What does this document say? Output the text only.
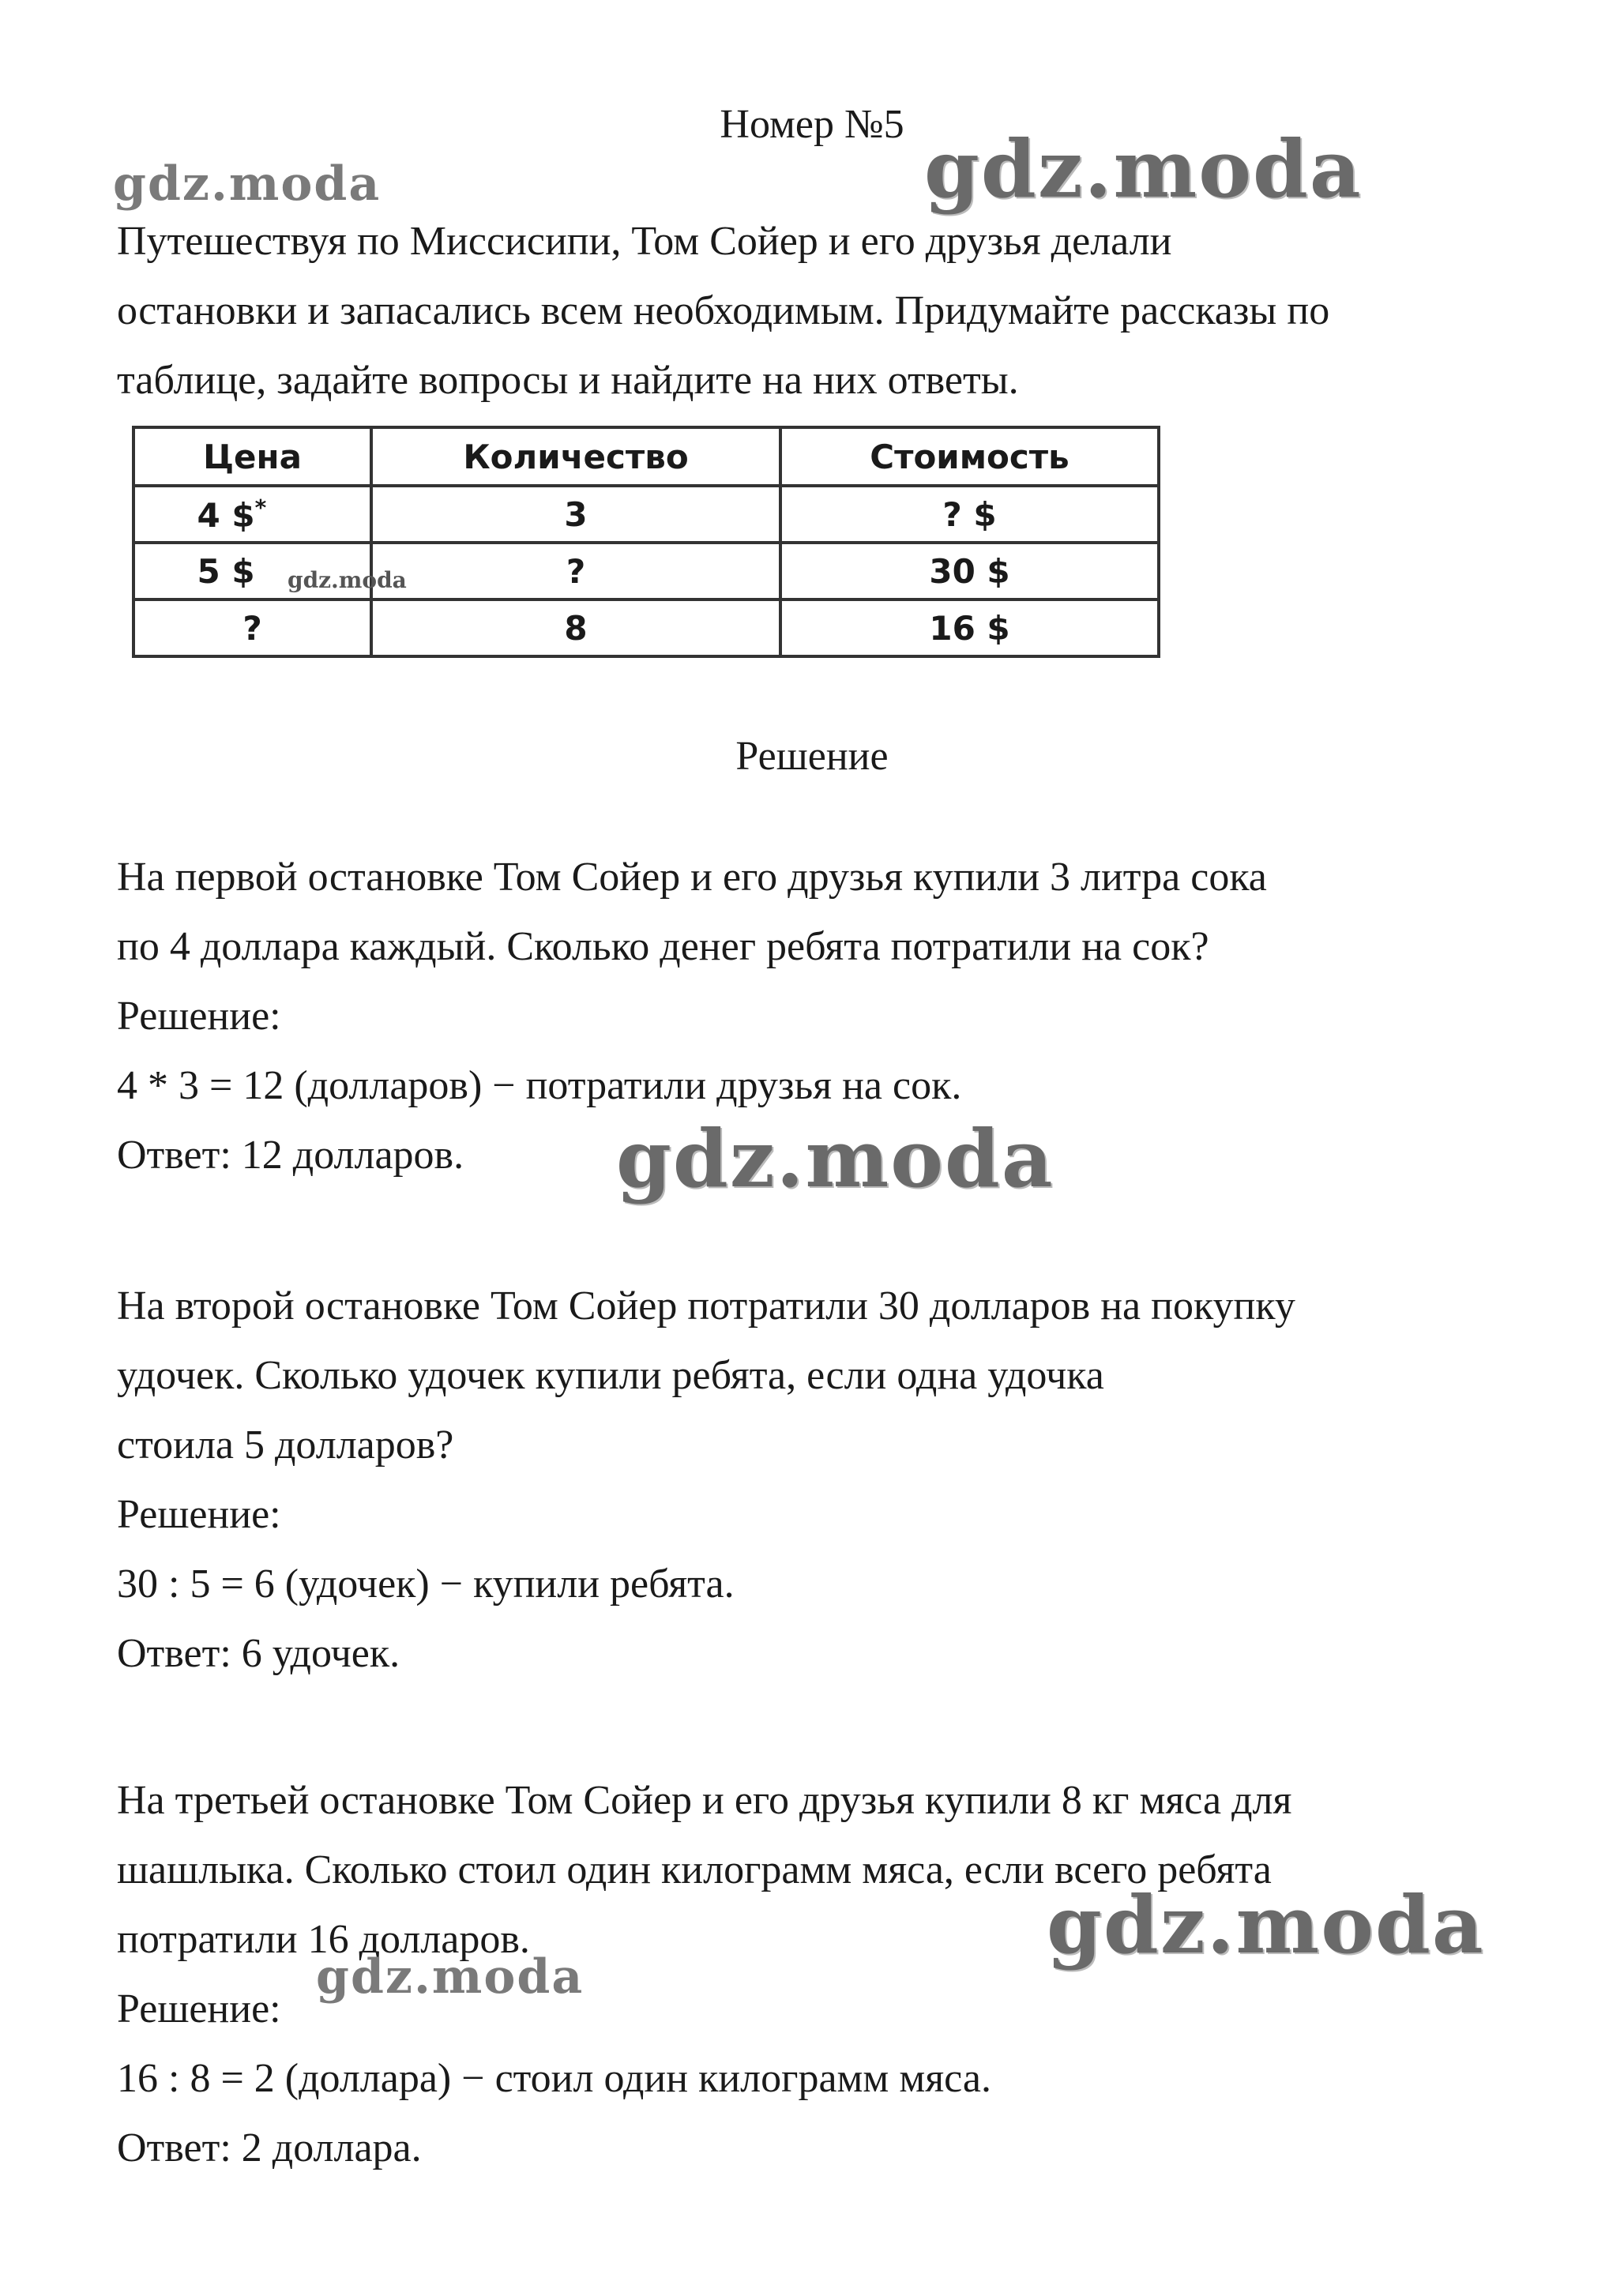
Номер №5

Путешествуя по Миссисипи, Том Сойер и его друзья делали
остановки и запасались всем необходимым. Придумайте рассказы по
таблице, задайте вопросы и найдите на них ответы.

Цена	Количество	Стоимость
4 $*	3	? $
5 $	?	30 $
?	8	16 $
Решение

На первой остановке Том Сойер и его друзья купили 3 литра сока
по 4 доллара каждый. Сколько денег ребята потратили на сок?
Решение:
4 * 3 = 12 (долларов) − потратили друзья на сок.
Ответ: 12 долларов.

На второй остановке Том Сойер потратили 30 долларов на покупку
удочек. Сколько удочек купили ребята, если одна удочка
стоила 5 долларов?
Решение:
30 : 5 = 6 (удочек) − купили ребята.
Ответ: 6 удочек.

На третьей остановке Том Сойер и его друзья купили 8 кг мяса для
шашлыка. Сколько стоил один килограмм мяса, если всего ребята
потратили 16 долларов.
Решение:
16 : 8 = 2 (доллара) − стоил один килограмм мяса.
Ответ: 2 доллара.

gdz.moda	gdz.moda
gdz.moda
gdz.moda
gdz.moda
gdz.moda
